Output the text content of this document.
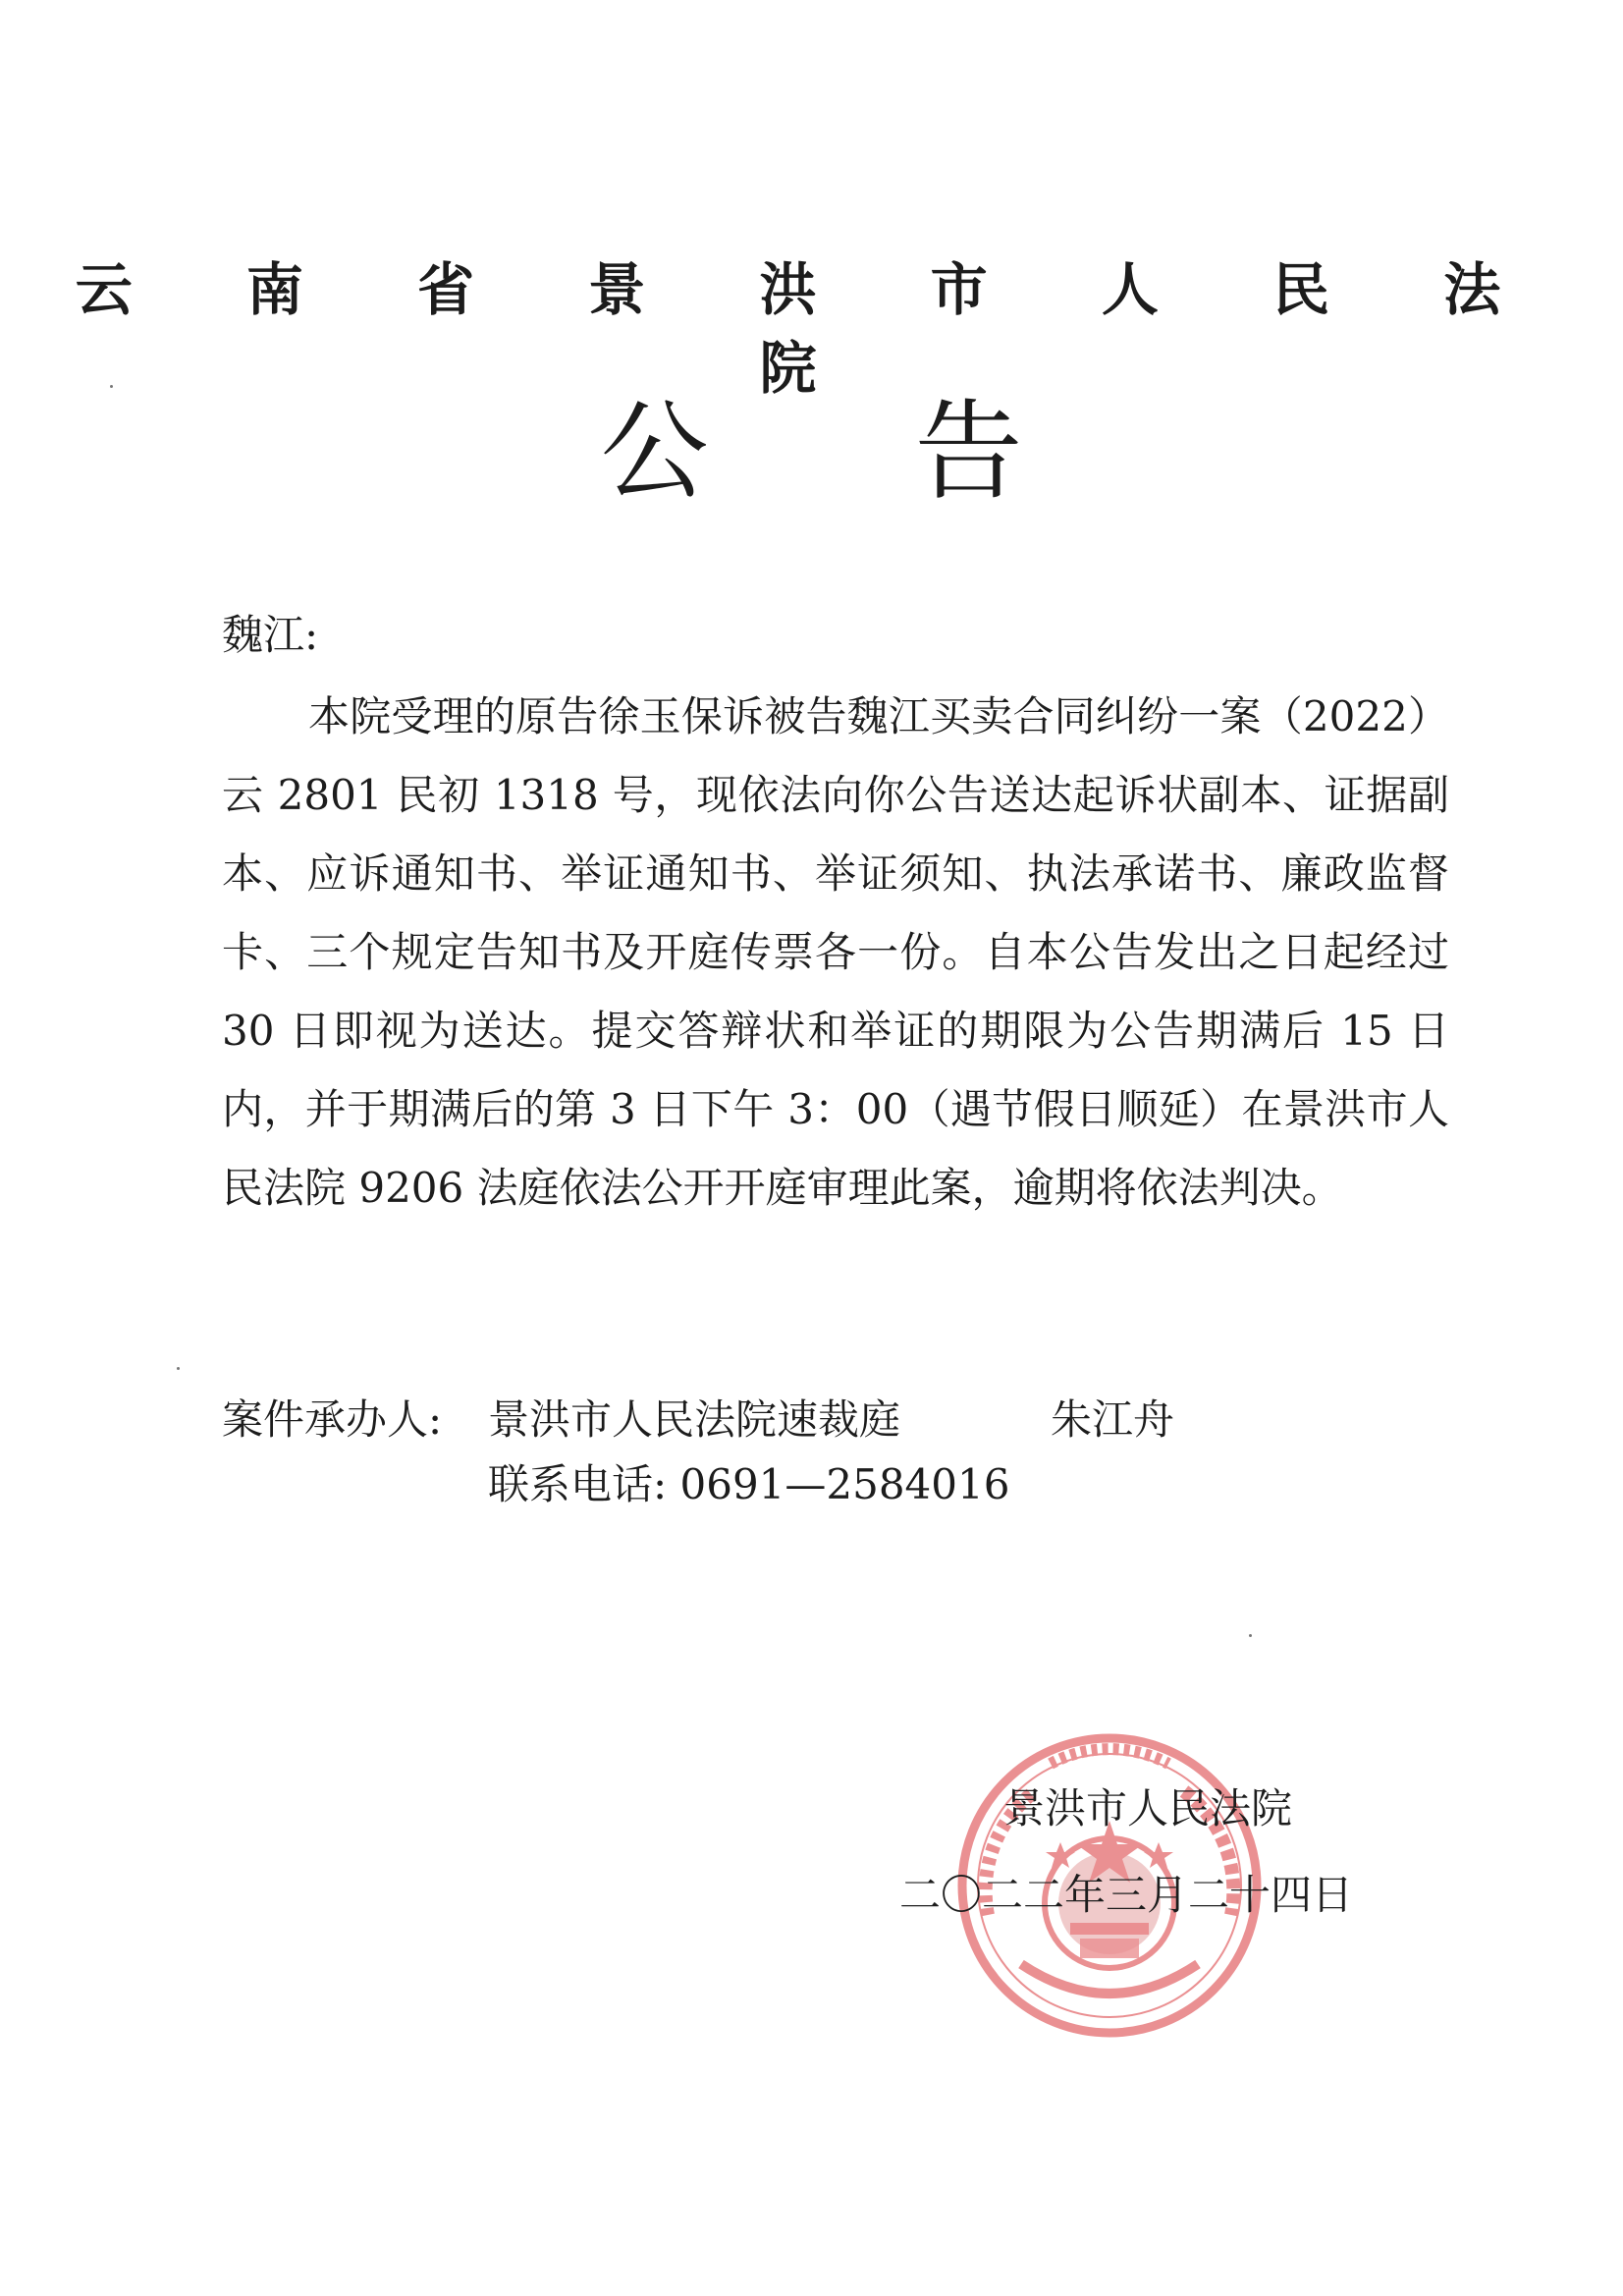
云 南 省 景 洪 市 人 民 法 院
公告
魏江:
本院受理的原告徐玉保诉被告魏江买卖合同纠纷一案（2022）云 2801 民初 1318 号，现依法向你公告送达起诉状副本、证据副本、应诉通知书、举证通知书、举证须知、执法承诺书、廉政监督卡、三个规定告知书及开庭传票各一份。自本公告发出之日起经过 30 日即视为送达。提交答辩状和举证的期限为公告期满后 15 日内，并于期满后的第 3 日下午 3：00（遇节假日顺延）在景洪市人民法院 9206 法庭依法公开开庭审理此案，逾期将依法判决。
案件承办人: 景洪市人民法院速裁庭	朱江舟
联系电话: 0691—2584016
景洪市人民法院
二〇二二年三月二十四日
